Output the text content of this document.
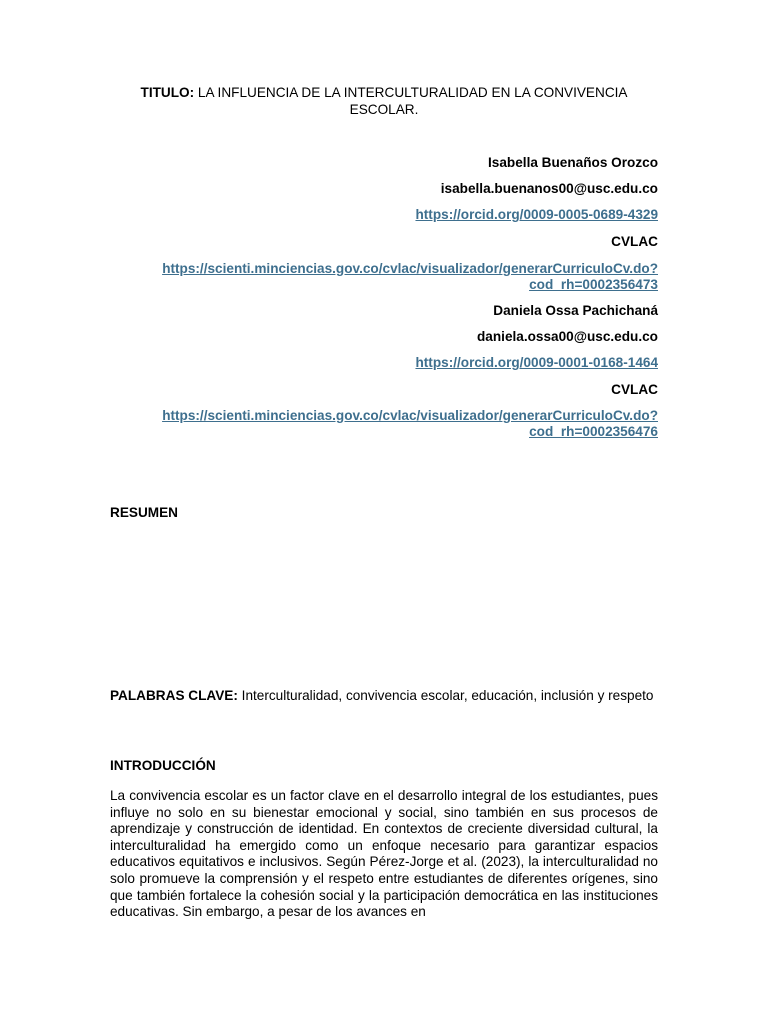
TITULO: LA INFLUENCIA DE LA INTERCULTURALIDAD EN LA CONVIVENCIA ESCOLAR.
Isabella Buenaños Orozco
isabella.buenanos00@usc.edu.co
https://orcid.org/0009-0005-0689-4329
CVLAC
https://scienti.minciencias.gov.co/cvlac/visualizador/generarCurriculoCv.do?
cod_rh=0002356473
Daniela Ossa Pachichaná
daniela.ossa00@usc.edu.co
https://orcid.org/0009-0001-0168-1464
CVLAC
https://scienti.minciencias.gov.co/cvlac/visualizador/generarCurriculoCv.do?
cod_rh=0002356476
RESUMEN

PALABRAS CLAVE: Interculturalidad, convivencia escolar, educación, inclusión y respeto

INTRODUCCIÓN

La convivencia escolar es un factor clave en el desarrollo integral de los estudiantes, pues influye no solo en su bienestar emocional y social, sino también en sus procesos de aprendizaje y construcción de identidad. En contextos de creciente diversidad cultural, la interculturalidad ha emergido como un enfoque necesario para garantizar espacios educativos equitativos e inclusivos. Según Pérez-Jorge et al. (2023), la interculturalidad no solo promueve la comprensión y el respeto entre estudiantes de diferentes orígenes, sino que también fortalece la cohesión social y la participación democrática en las instituciones educativas. Sin embargo, a pesar de los avances en
